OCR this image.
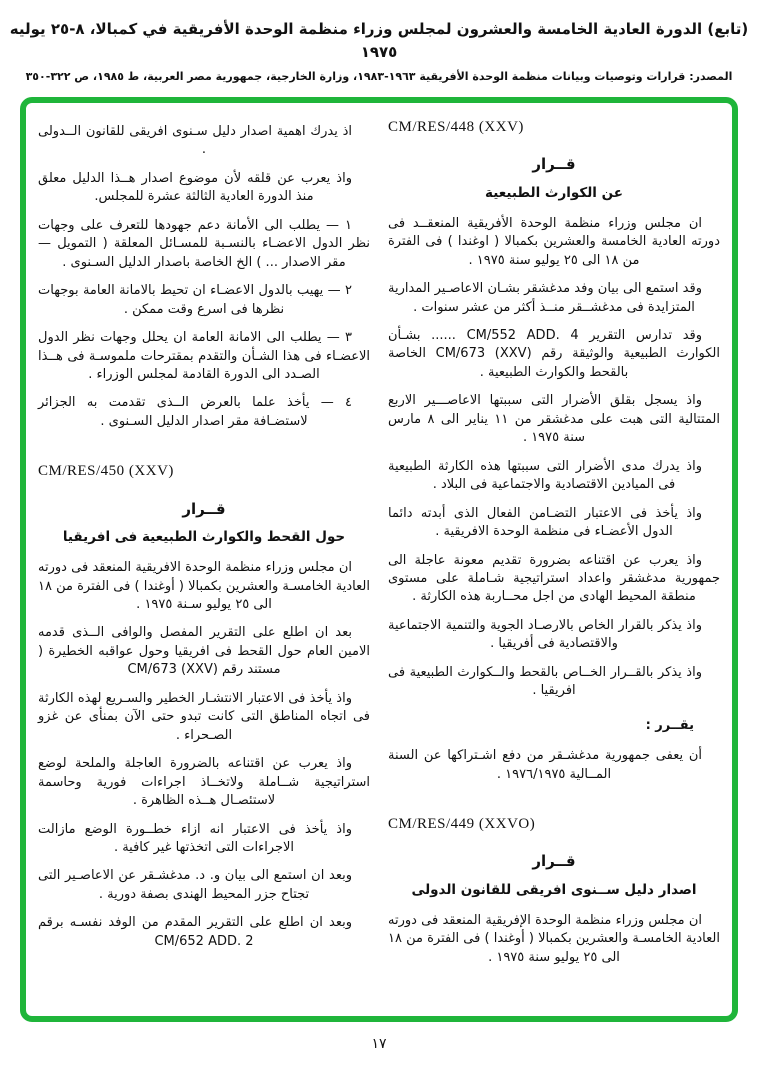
(تابع) الدورة العادية الخامسة والعشرون لمجلس وزراء منظمة الوحدة الأفريقية في كمبالا، ٨-٢٥ يوليه ١٩٧٥
المصدر: قرارات وتوصيات وبيانات منظمة الوحدة الأفريقية ١٩٦٣-١٩٨٣، وزارة الخارجية، جمهورية مصر العربية، ط ١٩٨٥، ص ٣٢٢-٣٥٠
CM/RES/448 (XXV)
قــرار
عن الكوارث الطبيعية
ان مجلس وزراء منظمة الوحدة الأفريقية المنعقــد فى دورته العادية الخامسة والعشرين بكمبالا ( اوغندا ) فى الفترة من ١٨ الى ٢٥ يوليو سنة ١٩٧٥ .
وقد استمع الى بيان وفد مدغشقر بشـان الاعاصـير المدارية المتزايدة فى مدغشــقر منــذ أكثر من عشر سنوات .
وقد تدارس التقرير CM/552 ADD. 4 ...... بشـأن الكوارث الطبيعية والوثيقة رقم CM/673 (XXV) الخاصة بالقحط والكوارث الطبيعية .
واذ يسجل بقلق الأضرار التى سببتها الاعاصـــير الاربع المتتالية التى هبت على مدغشقر من ١١ يناير الى ٨ مارس سنة ١٩٧٥ .
واذ يدرك مدى الأضرار التى سببتها هذه الكارثة الطبيعية فى الميادين الاقتصادية والاجتماعية فى البلاد .
واذ يأخذ فى الاعتبار التضـامن الفعال الذى أبدته دائما الدول الأعضـاء فى منظمة الوحدة الافريقية .
واذ يعرب عن اقتناعه بضرورة تقديم معونة عاجلة الى جمهورية مدغشقر واعداد استراتيجية شـاملة على مستوى منطقة المحيط الهادى من اجل محــاربة هذه الكارثة .
واذ يذكر بالقرار الخاص بالارصـاد الجوية والتنمية الاجتماعية والاقتصادية فى أفريقيا .
واذ يذكر بالقــرار الخــاص بالقحط والــكوارث الطبيعية فى افريقيا .
يقــرر :
أن يعفى جمهورية مدغشـقر من دفع اشـتراكها عن السنة المــالية ١٩٧٦/١٩٧٥ .
CM/RES/449 (XXVO)
قــرار
اصدار دليل ســنوى افريقى للقانون الدولى
ان مجلس وزراء منظمة الوحدة الإفريقية المنعقد فى دورته العادية الخامسـة والعشرين بكمبالا ( أوغندا ) فى الفترة من ١٨ الى ٢٥ يوليو سنة ١٩٧٥ .
اذ يدرك اهمية اصدار دليل سـنوى افريقى للقانون الــدولى .
واذ يعرب عن قلقه لأن موضوع اصدار هــذا الدليل معلق منذ الدورة العادية الثالثة عشرة للمجلس.
١ — يطلب الى الأمانة دعم جهودها للتعرف على وجهات نظر الدول الاعضـاء بالنسـبة للمسـائل المعلقة ( التمويل — مقر الاصدار ... ) الخ الخاصة باصدار الدليل السـنوى .
٢ — يهيب بالدول الاعضـاء ان تحيط بالامانة العامة بوجهات نظرها فى اسرع وقت ممكن .
٣ — يطلب الى الامانة العامة ان يحلل وجهات نظر الدول الاعضـاء فى هذا الشـأن والتقدم بمقترحات ملموسـة فى هــذا الصـدد الى الدورة القادمة لمجلس الوزراء .
٤ — يأخذ علما بالعرض الــذى تقدمت به الجزائر لاستضـافة مقر اصدار الدليل السـنوى .
CM/RES/450 (XXV)
قــرار
حول القحط والكوارث الطبيعية فى افريقيا
ان مجلس وزراء منظمة الوحدة الافريقية المنعقد فى دورته العادية الخامسـة والعشرين بكمبالا ( أوغندا ) فى الفترة من ١٨ الى ٢٥ يوليو سـنة ١٩٧٥ .
بعد ان اطلع على التقرير المفصل والوافى الــذى قدمه الامين العام حول القحط فى افريقيا وحول عواقبه الخطيرة ( مستند رقم CM/673 (XXV)
واذ يأخذ فى الاعتبار الانتشـار الخطير والسـريع لهذه الكارثة فى اتجاه المناطق التى كانت تبدو حتى الآن بمنأى عن غزو الصـحراء .
واذ يعرب عن اقتناعه بالضرورة العاجلة والملحة لوضع استراتيجية شــاملة ولاتخــاذ اجراءات فورية وحاسمة لاستئصـال هــذه الظاهرة .
واذ يأخذ فى الاعتبار انه ازاء خطــورة الوضع مازالت الاجراءات التى اتخذتها غير كافية .
وبعد ان استمع الى بيان و. د. مدغشـقر عن الاعاصـير التى تجتاح جزر المحيط الهندى بصفة دورية .
وبعد ان اطلع على التقرير المقدم من الوفد نفسـه برقم CM/652 ADD. 2
١٧
